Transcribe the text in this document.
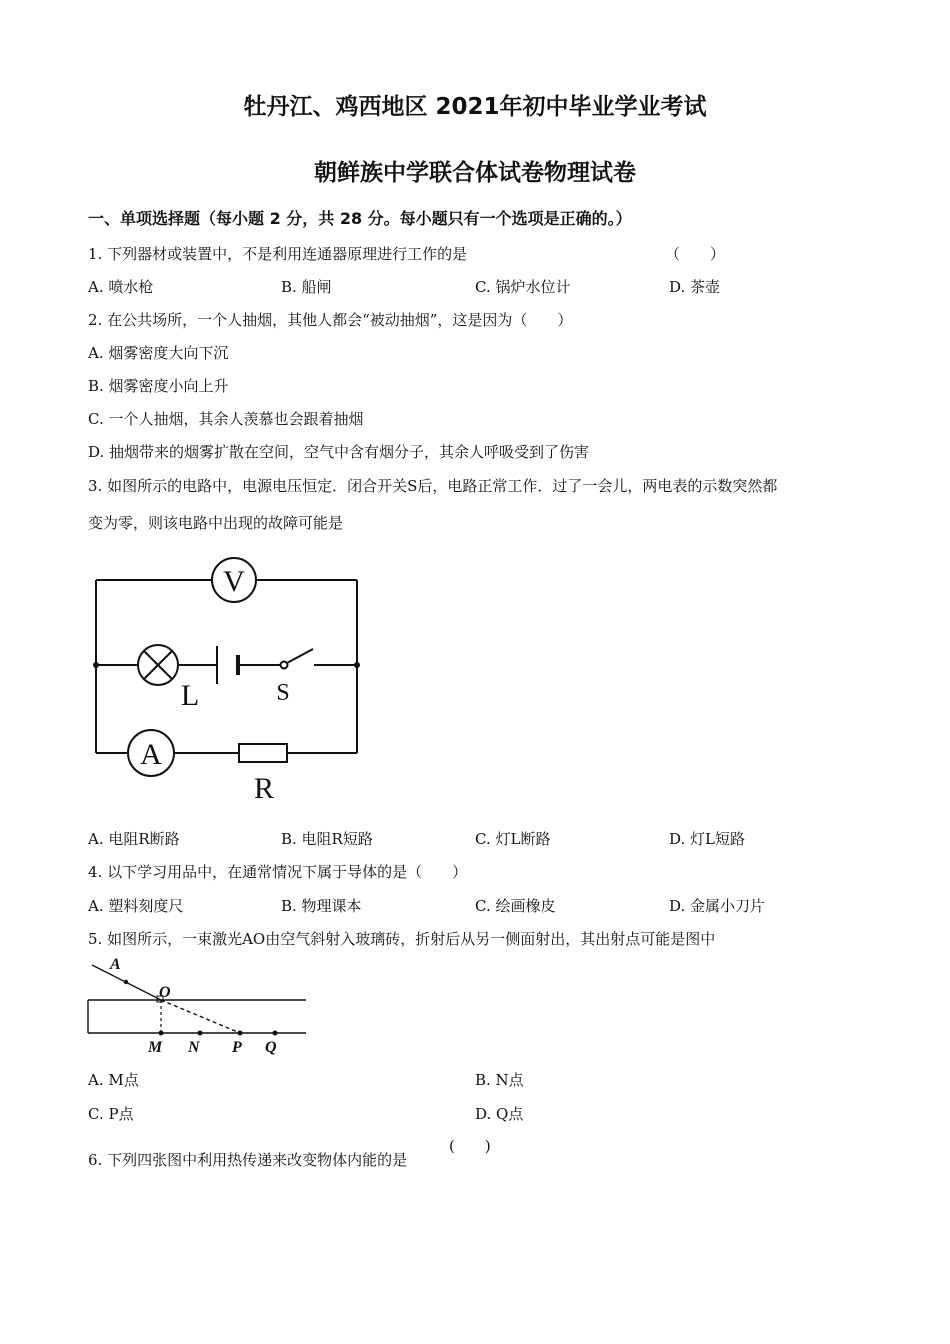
牡丹江、鸡西地区 2021年初中毕业学业考试
朝鲜族中学联合体试卷物理试卷
一、单项选择题（每小题 2 分，共 28 分。每小题只有一个选项是正确的。）
1. 下列器材或装置中，不是利用连通器原理进行工作的是	（　　）
A. 喷水枪	B. 船闸	C. 锅炉水位计	D. 茶壶
2. 在公共场所，一个人抽烟，其他人都会“被动抽烟”，这是因为（　　）
A. 烟雾密度大向下沉
B. 烟雾密度小向上升
C. 一个人抽烟，其余人羡慕也会跟着抽烟
D. 抽烟带来的烟雾扩散在空间，空气中含有烟分子，其余人呼吸受到了伤害
3. 如图所示的电路中，电源电压恒定．闭合开关S后，电路正常工作．过了一会儿，两电表的示数突然都
变为零，则该电路中出现的故障可能是
V
L	S
A
R
A. 电阻R断路	B. 电阻R短路	C. 灯L断路	D. 灯L短路
4. 以下学习用品中，在通常情况下属于导体的是（　　）
A. 塑料刻度尺	B. 物理课本	C. 绘画橡皮	D. 金属小刀片
5. 如图所示，一束激光AO由空气斜射入玻璃砖，折射后从另一侧面射出，其出射点可能是图中
A
O
M N P Q
A. M点	B. N点
C. P点	D. Q点
6. 下列四张图中利用热传递来改变物体内能的是
(　　)
